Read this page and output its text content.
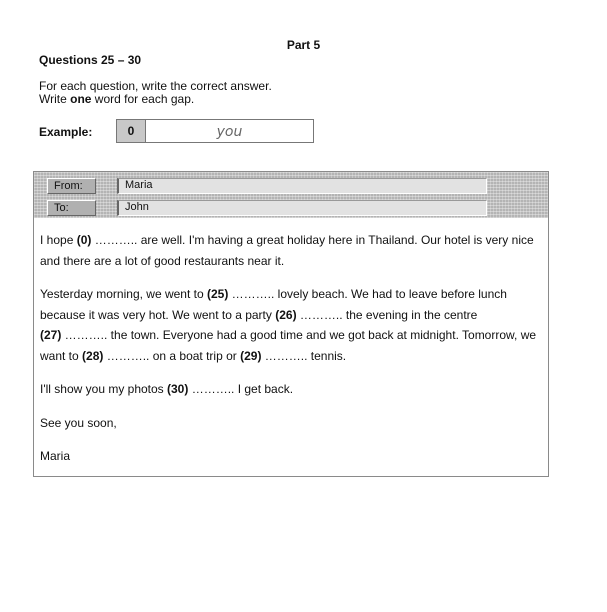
Part 5
Questions 25 – 30
For each question, write the correct answer.
Write one word for each gap.
Example:	0	you
From:	Maria
To:	John

I hope (0) ……….. are well. I'm having a great holiday here in Thailand. Our hotel is very nice and there are a lot of good restaurants near it.

Yesterday morning, we went to (25) ……….. lovely beach. We had to leave before lunch because it was very hot. We went to a party (26) ……….. the evening in the centre
(27) ……….. the town. Everyone had a good time and we got back at midnight. Tomorrow, we want to (28) ……….. on a boat trip or (29) ……….. tennis.

I'll show you my photos (30) ……….. I get back.

See you soon,

Maria
